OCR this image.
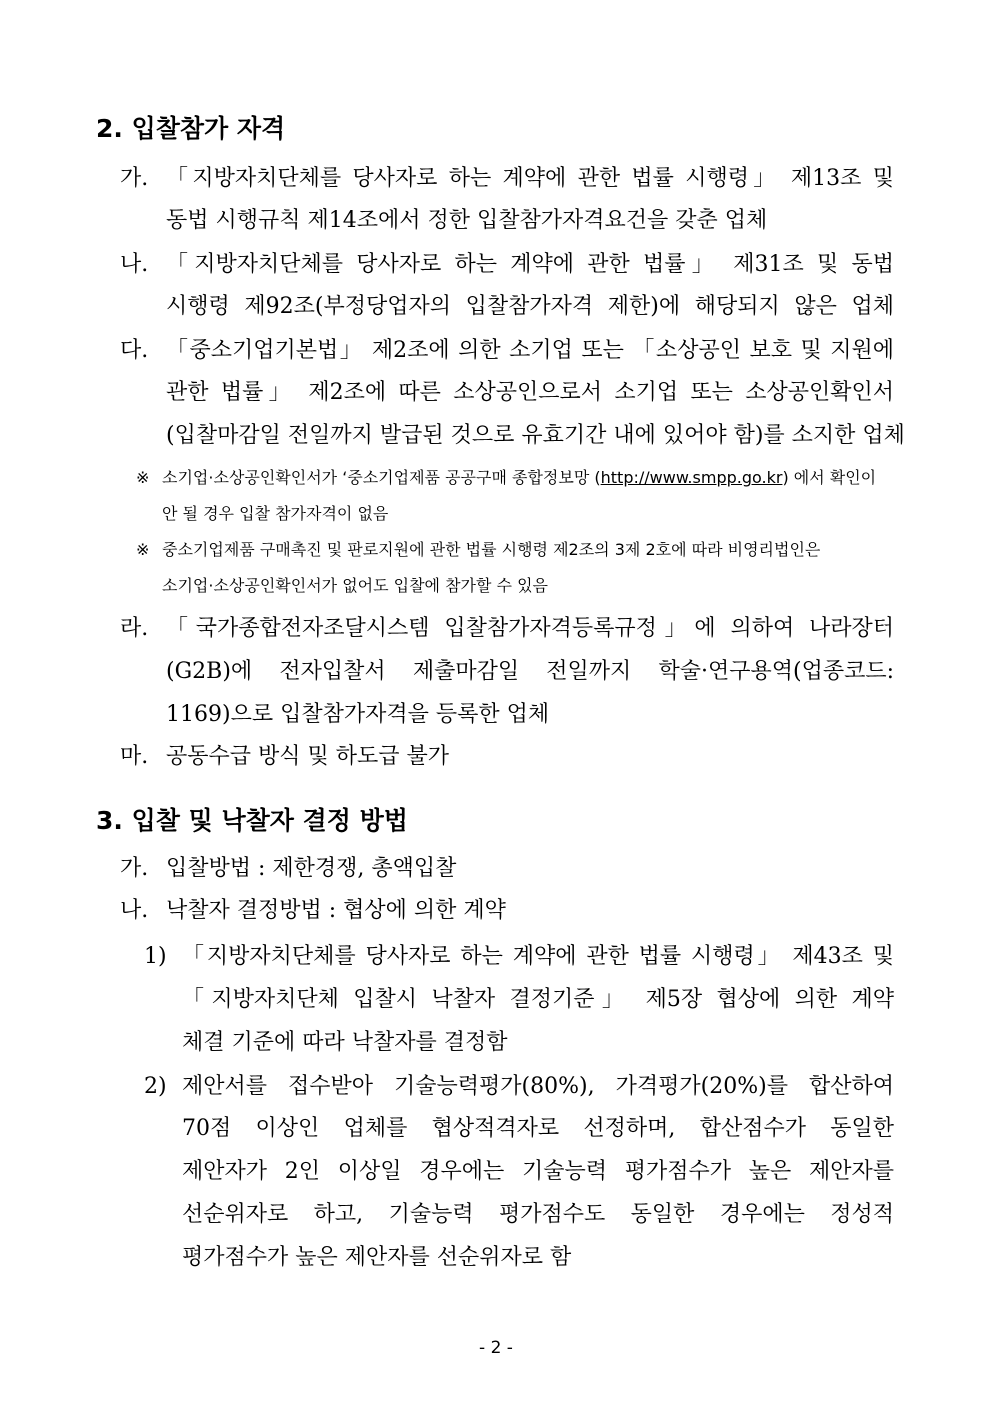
2. 입찰참가 자격
가. 「지방자치단체를 당사자로 하는 계약에 관한 법률 시행령」 제13조 및
동법 시행규칙 제14조에서 정한 입찰참가자격요건을 갖춘 업체
나. 「지방자치단체를 당사자로 하는 계약에 관한 법률」 제31조 및 동법
시행령 제92조(부정당업자의 입찰참가자격 제한)에 해당되지 않은 업체
다. 「중소기업기본법」 제2조에 의한 소기업 또는 「소상공인 보호 및 지원에
관한 법률」 제2조에 따른 소상공인으로서 소기업 또는 소상공인확인서
(입찰마감일 전일까지 발급된 것으로 유효기간 내에 있어야 함)를 소지한 업체
※ 소기업·소상공인확인서가 ‘중소기업제품 공공구매 종합정보망 (http://www.smpp.go.kr) 에서 확인이
안 될 경우 입찰 참가자격이 없음
※ 중소기업제품 구매촉진 및 판로지원에 관한 법률 시행령 제2조의 3제 2호에 따라 비영리법인은
소기업·소상공인확인서가 없어도 입찰에 참가할 수 있음
라. 「국가종합전자조달시스템 입찰참가자격등록규정」에 의하여 나라장터
(G2B)에 전자입찰서 제출마감일 전일까지 학술·연구용역(업종코드:
1169)으로 입찰참가자격을 등록한 업체
마. 공동수급 방식 및 하도급 불가
3. 입찰 및 낙찰자 결정 방법
가. 입찰방법 : 제한경쟁, 총액입찰
나. 낙찰자 결정방법 : 협상에 의한 계약
1) 「지방자치단체를 당사자로 하는 계약에 관한 법률 시행령」 제43조 및
「지방자치단체 입찰시 낙찰자 결정기준」 제5장 협상에 의한 계약
체결 기준에 따라 낙찰자를 결정함
2) 제안서를 접수받아 기술능력평가(80%), 가격평가(20%)를 합산하여
70점 이상인 업체를 협상적격자로 선정하며, 합산점수가 동일한
제안자가 2인 이상일 경우에는 기술능력 평가점수가 높은 제안자를
선순위자로 하고, 기술능력 평가점수도 동일한 경우에는 정성적
평가점수가 높은 제안자를 선순위자로 함
- 2 -
